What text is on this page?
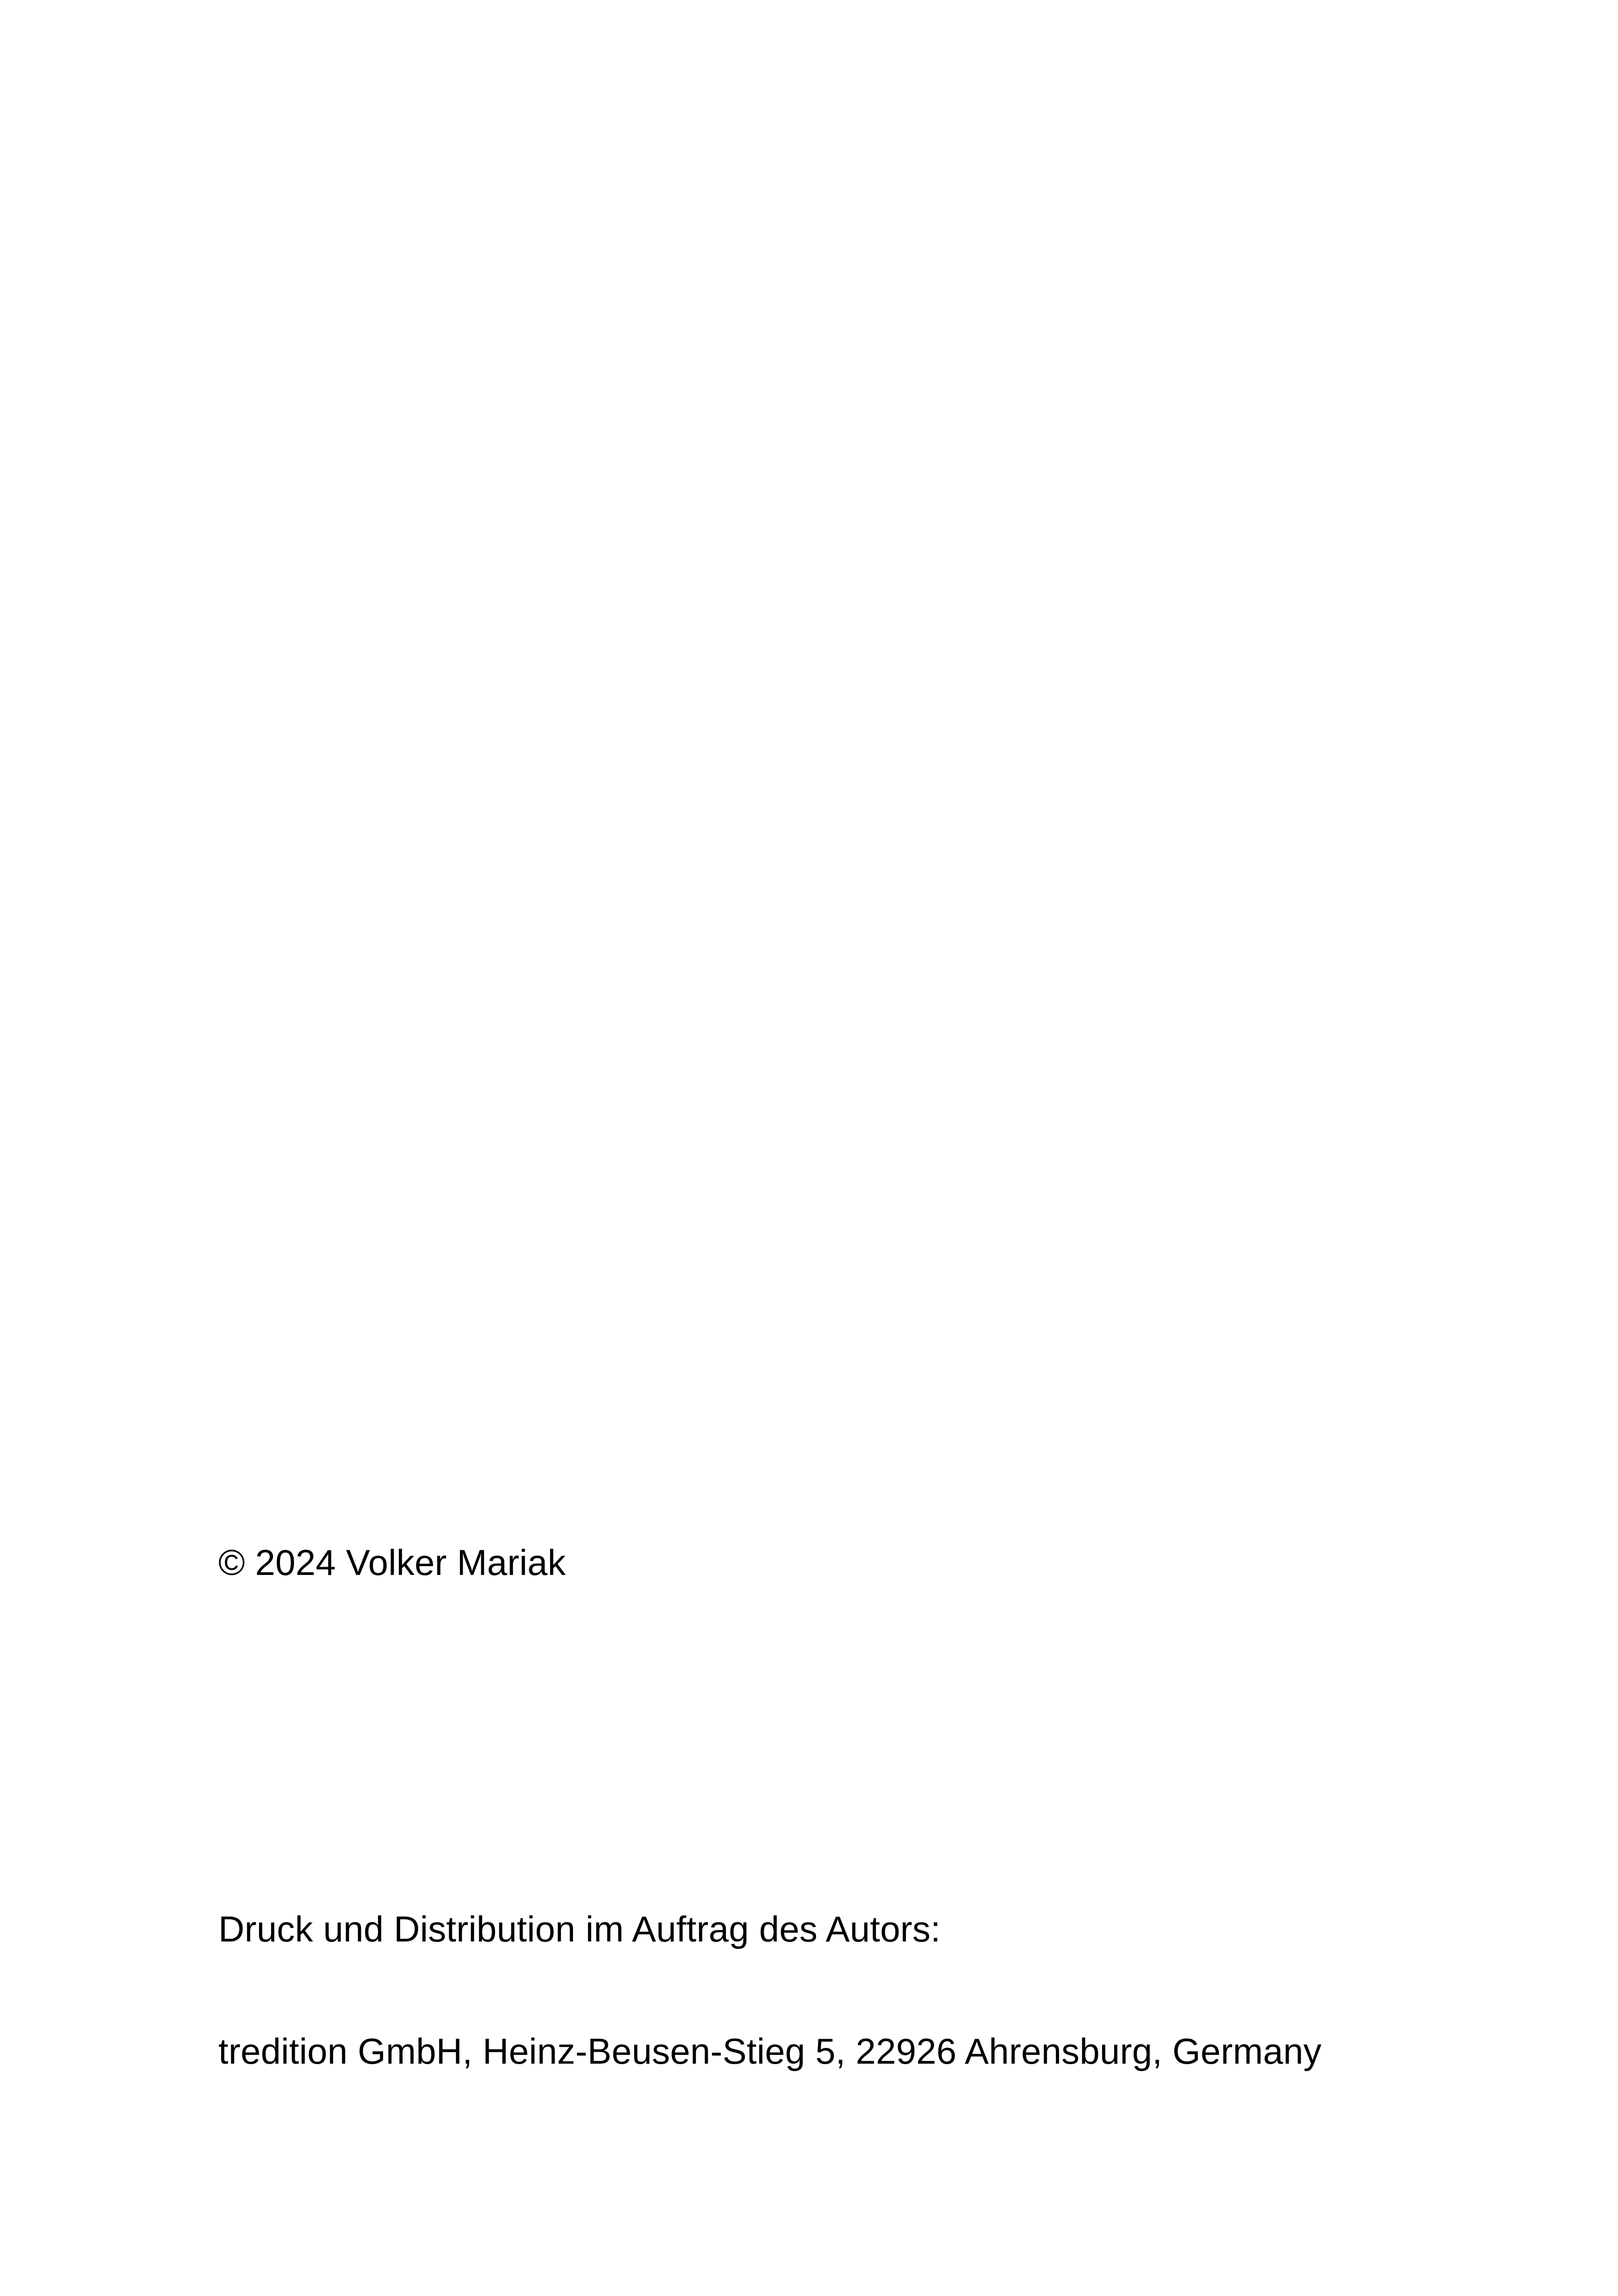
© 2024 Volker Mariak

Druck und Distribution im Auftrag des Autors:

tredition GmbH, Heinz-Beusen-Stieg 5, 22926 Ahrensburg, Germany
